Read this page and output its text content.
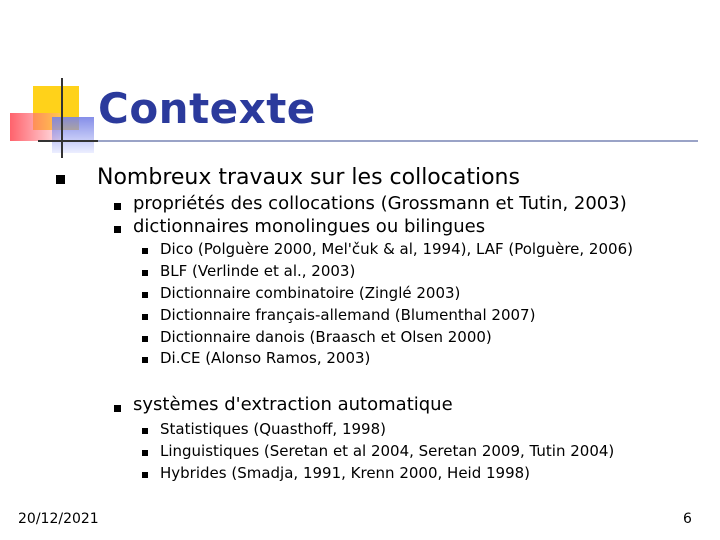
Contexte
Nombreux travaux sur les collocations
propriétés des collocations (Grossmann et Tutin, 2003)
dictionnaires monolingues ou bilingues
Dico (Polguère 2000, Mel'čuk & al, 1994), LAF (Polguère, 2006)
BLF (Verlinde et al., 2003)
Dictionnaire combinatoire (Zinglé 2003)
Dictionnaire français-allemand (Blumenthal 2007)
Dictionnaire danois (Braasch et Olsen 2000)
Di.CE (Alonso Ramos, 2003)
systèmes d'extraction automatique
Statistiques (Quasthoff, 1998)
Linguistiques (Seretan et al 2004, Seretan 2009, Tutin 2004)
Hybrides (Smadja, 1991, Krenn 2000, Heid 1998)
20/12/2021	6
